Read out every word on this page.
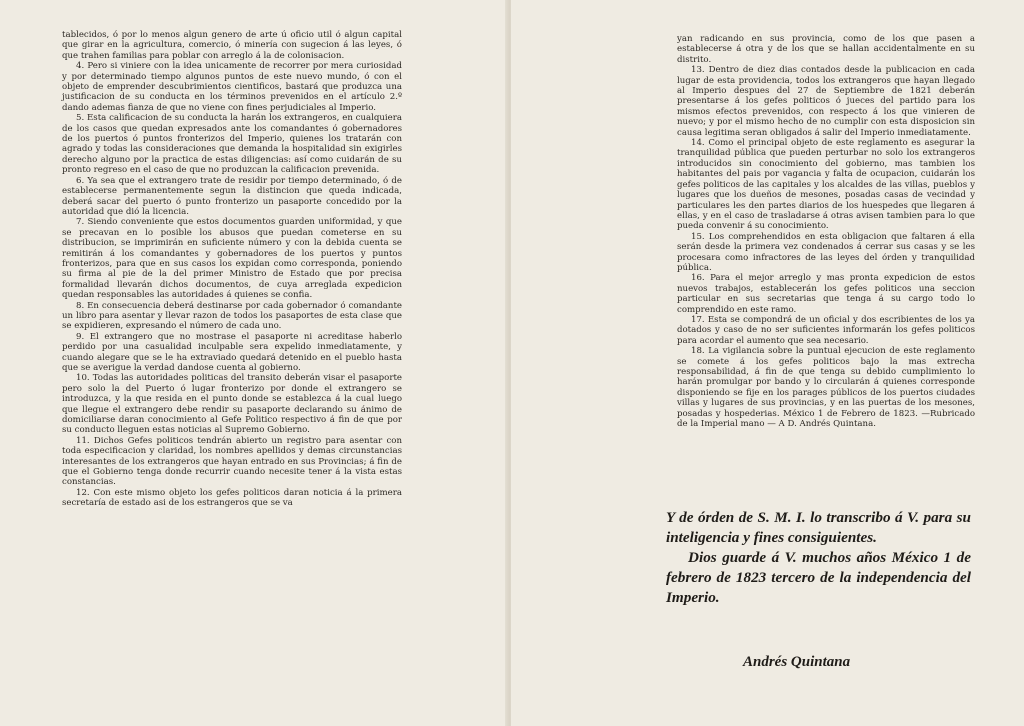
tablecidos, ó por lo menos algun genero de arte ú oficio util ó algun capital que girar en la agricultura, comercio, ó minería con sugecion á las leyes, ó que trahen familias para poblar con arreglo á la de colonisacion.

4. Pero si viniere con la idea unicamente de recorrer por mera curiosidad y por determinado tiempo algunos puntos de este nuevo mundo, ó con el objeto de emprender descubrimientos cientificos, bastará que produzca una justificacion de su conducta en los términos prevenidos en el artículo 2.º dando ademas fianza de que no viene con fines perjudiciales al Imperio.

5. Esta calificacion de su conducta la harán los extrangeros, en cualquiera de los casos que quedan expresados ante los comandantes ó gobernadores de los puertos ó puntos fronterizos del Imperio, quienes los tratarán con agrado y todas las consideraciones que demanda la hospitalidad sin exigirles derecho alguno por la practica de estas diligencias: así como cuidarán de su pronto regreso en el caso de que no produzcan la calificacion prevenida.

6. Ya sea que el extrangero trate de residir por tiempo determinado, ó de establecerse permanentemente segun la distincion que queda indicada, deberá sacar del puerto ó punto fronterizo un pasaporte concedido por la autoridad que dió la licencia.

7. Siendo conveniente que estos documentos guarden uniformidad, y que se precavan en lo posible los abusos que puedan cometerse en su distribucion, se imprimirán en suficiente número y con la debida cuenta se remitirán á los comandantes y gobernadores de los puertos y puntos fronterizos, para que en sus casos los expidan como corresponda, poniendo su firma al pie de la del primer Ministro de Estado que por precisa formalidad llevarán dichos documentos, de cuya arreglada expedicion quedan responsables las autoridades á quienes se confia.

8. En consecuencia deberá destinarse por cada gobernador ó comandante un libro para asentar y llevar razon de todos los pasaportes de esta clase que se expidieren, expresando el número de cada uno.

9. El extrangero que no mostrase el pasaporte ni acreditase haberlo perdido por una casualidad inculpable sera expelido inmediatamente, y cuando alegare que se le ha extraviado quedará detenido en el pueblo hasta que se averigue la verdad dandose cuenta al gobierno.

10. Todas las autoridades politicas del transito deberán visar el pasaporte pero solo la del Puerto ó lugar fronterizo por donde el extrangero se introduzca, y la que resida en el punto donde se establezca á la cual luego que llegue el extrangero debe rendir su pasaporte declarando su ánimo de domiciliarse daran conocimiento al Gefe Politico respectivo á fin de que por su conducto lleguen estas noticias al Supremo Gobierno.

11. Dichos Gefes politicos tendrán abierto un registro para asentar con toda especificacion y claridad, los nombres apellidos y demas circunstancias interesantes de los extrangeros que hayan entrado en sus Provincias; á fin de que el Gobierno tenga donde recurrir cuando necesite tener á la vista estas constancias.

12. Con este mismo objeto los gefes politicos daran noticia á la primera secretaría de estado asi de los estrangeros que se va

yan radicando en sus provincia, como de los que pasen a establecerse á otra y de los que se hallan accidentalmente en su distrito.

13. Dentro de diez dias contados desde la publicacion en cada lugar de esta providencia, todos los extrangeros que hayan llegado al Imperio despues del 27 de Septiembre de 1821 deberán presentarse á los gefes politicos ó jueces del partido para los mismos efectos prevenidos, con respecto á los que vinieren de nuevo; y por el mismo hecho de no cumplir con esta disposicion sin causa legitima seran obligados á salir del Imperio inmediatamente.

14. Como el principal objeto de este reglamento es asegurar la tranquilidad pública que pueden perturbar no solo los extrangeros introducidos sin conocimiento del gobierno, mas tambien los habitantes del pais por vagancia y falta de ocupacion, cuidarán los gefes politicos de las capitales y los alcaldes de las villas, pueblos y lugares que los dueños de mesones, posadas casas de vecindad y particulares les den partes diarios de los huespedes que llegaren á ellas, y en el caso de trasladarse á otras avisen tambien para lo que pueda convenir á su conocimiento.

15. Los comprehendidos en esta obligacion que faltaren á ella serán desde la primera vez condenados á cerrar sus casas y se les procesara como infractores de las leyes del órden y tranquilidad pública.

16. Para el mejor arreglo y mas pronta expedicion de estos nuevos trabajos, establecerán los gefes politicos una seccion particular en sus secretarias que tenga á su cargo todo lo comprendido en este ramo.

17. Esta se compondrá de un oficial y dos escribientes de los ya dotados y caso de no ser suficientes informarán los gefes politicos para acordar el aumento que sea necesario.

18. La vigilancia sobre la puntual ejecucion de este reglamento se comete á los gefes politicos bajo la mas extrecha responsabilidad, á fin de que tenga su debido cumplimiento lo harán promulgar por bando y lo circularán á quienes corresponde disponiendo se fije en los parages públicos de los puertos ciudades villas y lugares de sus provincias, y en las puertas de los mesones, posadas y hospederias. México 1 de Febrero de 1823. —Rubricado de la Imperial mano — A D. Andrés Quintana.

Y de órden de S. M. I. lo transcribo á V. para su inteligencia y fines consiguientes.

Dios guarde á V. muchos años México 1 de febrero de 1823 tercero de la independencia del Imperio.

Andrés Quintana
